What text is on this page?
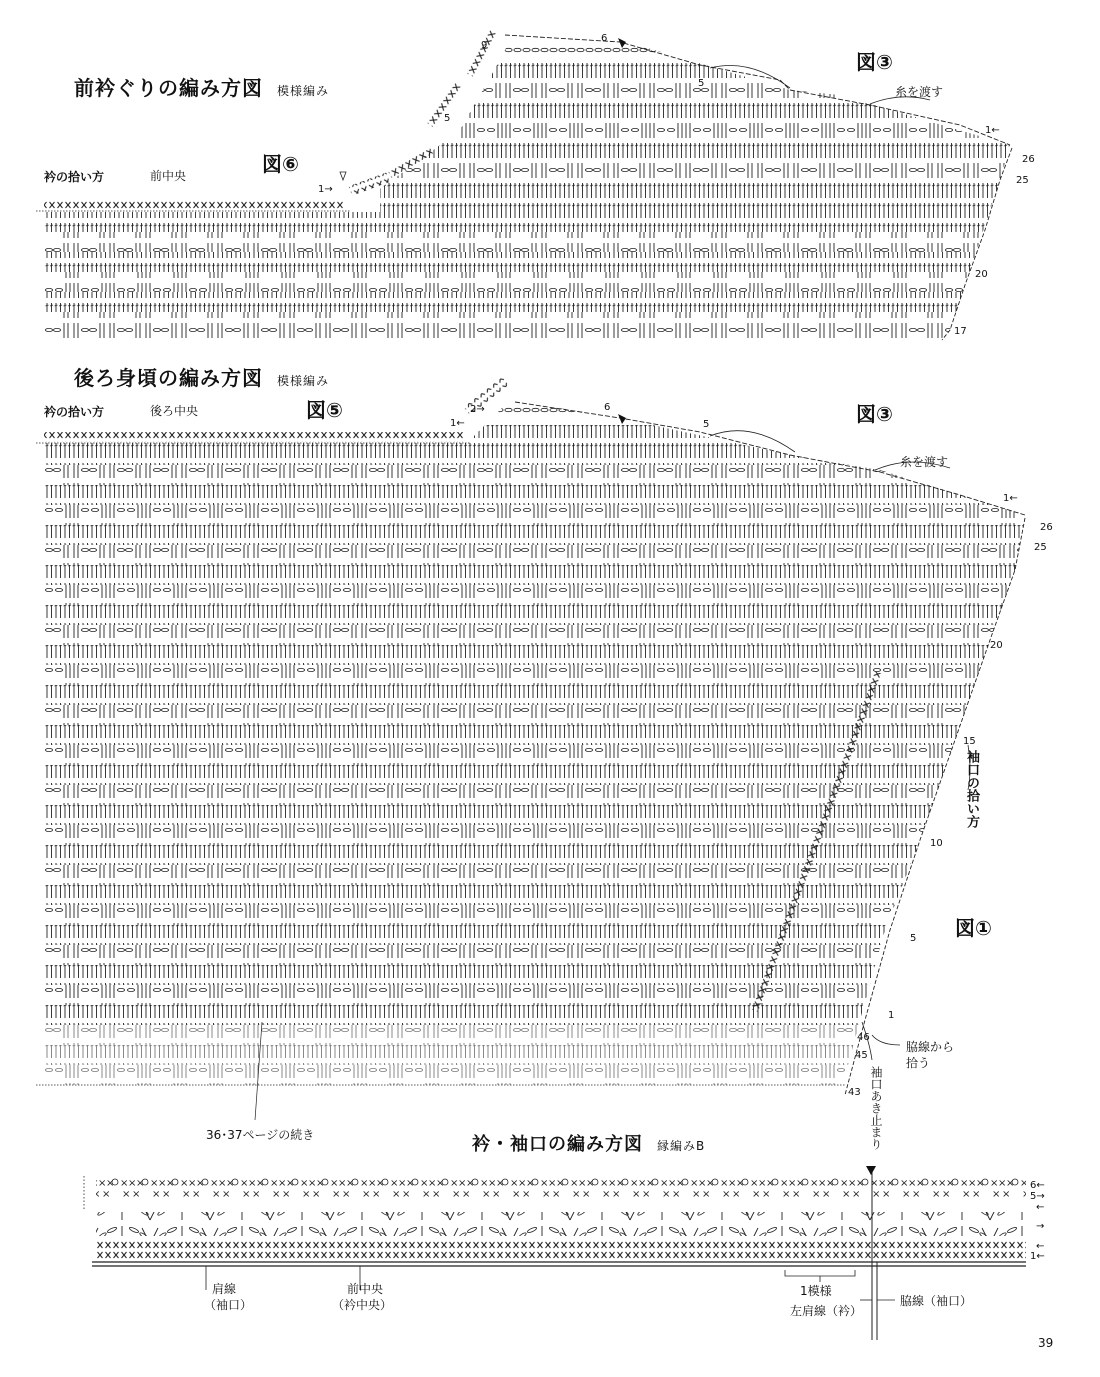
前衿ぐりの編み方図 模様編み
図⑥
図③
衿の拾い方	前中央
糸を渡す
9
6
5
5
1←
26
25
20
17
1→
後ろ身頃の編み方図 模様編み
図⑤	図③
図①
衿の拾い方	後ろ中央
糸を渡す
袖口の拾い方
脇線から
拾う
袖口あき止まり
36･37ページの続き
2→	6
5
1←
1←
26
25
20
15
10
5
1
46
45
43
衿・袖口の編み方図 縁編みB
肩線
（袖口）
前中央
（衿中央）
1模様
左肩線（衿）
脇線（袖口）
6←
5→
←
→
←
1←
39
